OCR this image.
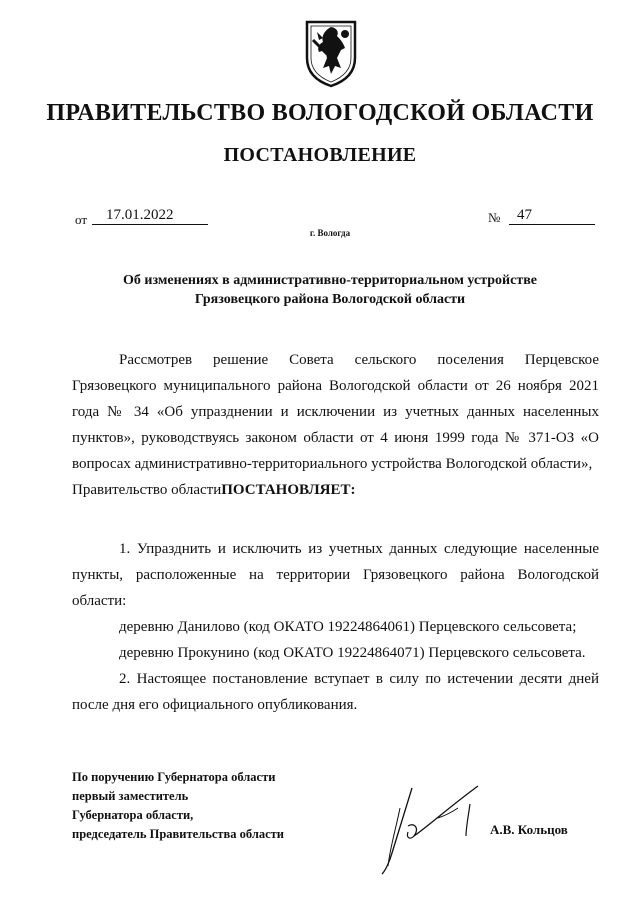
ПРАВИТЕЛЬСТВО ВОЛОГОДСКОЙ ОБЛАСТИ
ПОСТАНОВЛЕНИЕ
от	17.01.2022	№	47
г. Вологда
Об изменениях в административно-территориальном устройстве
Грязовецкого района Вологодской области
Рассмотрев решение Совета сельского поселения Перцевское Грязовецкого муниципального района Вологодской области от 26 ноября 2021 года № 34 «Об упразднении и исключении из учетных данных населенных пунктов», руководствуясь законом области от 4 июня 1999 года № 371-ОЗ «О вопросах административно-территориального устройства Вологодской области»,
Правительство областиПОСТАНОВЛЯЕТ:
1. Упразднить и исключить из учетных данных следующие населенные пункты, расположенные на территории Грязовецкого района Вологодской области:
деревню Данилово (код ОКАТО 19224864061) Перцевского сельсовета;
деревню Прокунино (код ОКАТО 19224864071) Перцевского сельсовета.
2. Настоящее постановление вступает в силу по истечении десяти дней после дня его официального опубликования.
По поручению Губернатора области
первый заместитель
Губернатора области,
председатель Правительства области	А.В. Кольцов
